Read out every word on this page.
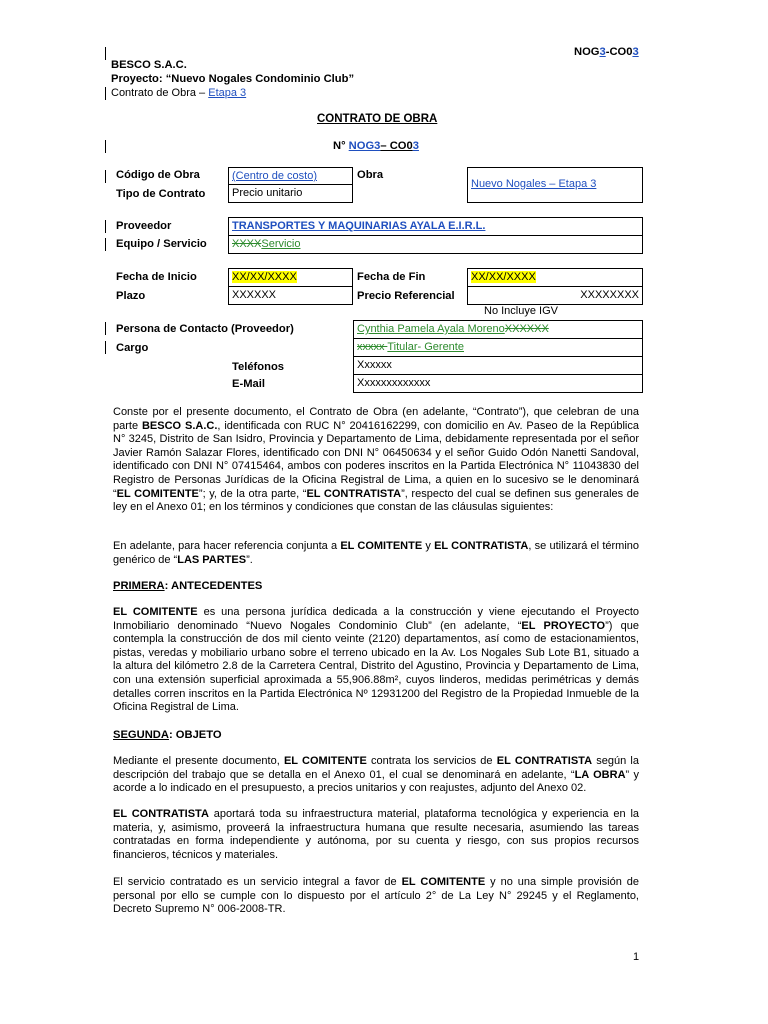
NOG3-CO03
BESCO S.A.C.
Proyecto: “Nuevo Nogales Condominio Club”
Contrato de Obra – Etapa 3
CONTRATO DE OBRA
N° NOG3– CO03
Código de Obra
Tipo de Contrato
(Centro de costo)
Precio unitario
Obra
Nuevo Nogales – Etapa 3
Proveedor
Equipo / Servicio
TRANSPORTES Y MAQUINARIAS AYALA E.I.R.L.
XXXXServicio
Fecha de Inicio
Plazo
XX/XX/XXXX
XXXXXX
Fecha de Fin
Precio Referencial
XX/XX/XXXX
XXXXXXXX
No Incluye IGV
Persona de Contacto (Proveedor)
Cargo
Teléfonos
E-Mail
Cynthia Pamela Ayala MorenoXXXXXX
xxxxx Titular- Gerente
Xxxxxx
Xxxxxxxxxxxxx
Conste por el presente documento, el Contrato de Obra (en adelante, “Contrato”), que celebran de una parte BESCO S.A.C., identificada con RUC N° 20416162299, con domicilio en Av. Paseo de la República N° 3245, Distrito de San Isidro, Provincia y Departamento de Lima, debidamente representada por el señor Javier Ramón Salazar Flores, identificado con DNI N° 06450634 y el señor Guido Odón Nanetti Sandoval, identificado con DNI N° 07415464, ambos con poderes inscritos en la Partida Electrónica N° 11043830 del Registro de Personas Jurídicas de la Oficina Registral de Lima, a quien en lo sucesivo se le denominará “EL COMITENTE”; y, de la otra parte, “EL CONTRATISTA”, respecto del cual se definen sus generales de ley en el Anexo 01; en los términos y condiciones que constan de las cláusulas siguientes:
En adelante, para hacer referencia conjunta a EL COMITENTE y EL CONTRATISTA, se utilizará el término genérico de “LAS PARTES”.
PRIMERA: ANTECEDENTES
EL COMITENTE es una persona jurídica dedicada a la construcción y viene ejecutando el Proyecto Inmobiliario denominado “Nuevo Nogales Condominio Club” (en adelante, “EL PROYECTO”) que contempla la construcción de dos mil ciento veinte (2120) departamentos, así como de estacionamientos, pistas, veredas y mobiliario urbano sobre el terreno ubicado en la Av. Los Nogales Sub Lote B1, situado a la altura del kilómetro 2.8 de la Carretera Central, Distrito del Agustino, Provincia y Departamento de Lima, con una extensión superficial aproximada a 55,906.88m², cuyos linderos, medidas perimétricas y demás detalles corren inscritos en la Partida Electrónica Nº 12931200 del Registro de la Propiedad Inmueble de la Oficina Registral de Lima.
SEGUNDA: OBJETO
Mediante el presente documento, EL COMITENTE contrata los servicios de EL CONTRATISTA según la descripción del trabajo que se detalla en el Anexo 01, el cual se denominará en adelante, “LA OBRA” y acorde a lo indicado en el presupuesto, a precios unitarios y con reajustes, adjunto del Anexo 02.
EL CONTRATISTA aportará toda su infraestructura material, plataforma tecnológica y experiencia en la materia, y, asimismo, proveerá la infraestructura humana que resulte necesaria, asumiendo las tareas contratadas en forma independiente y autónoma, por su cuenta y riesgo, con sus propios recursos financieros, técnicos y materiales.
El servicio contratado es un servicio integral a favor de EL COMITENTE y no una simple provisión de personal por ello se cumple con lo dispuesto por el artículo 2° de La Ley N° 29245 y el Reglamento, Decreto Supremo N° 006-2008-TR.
1
